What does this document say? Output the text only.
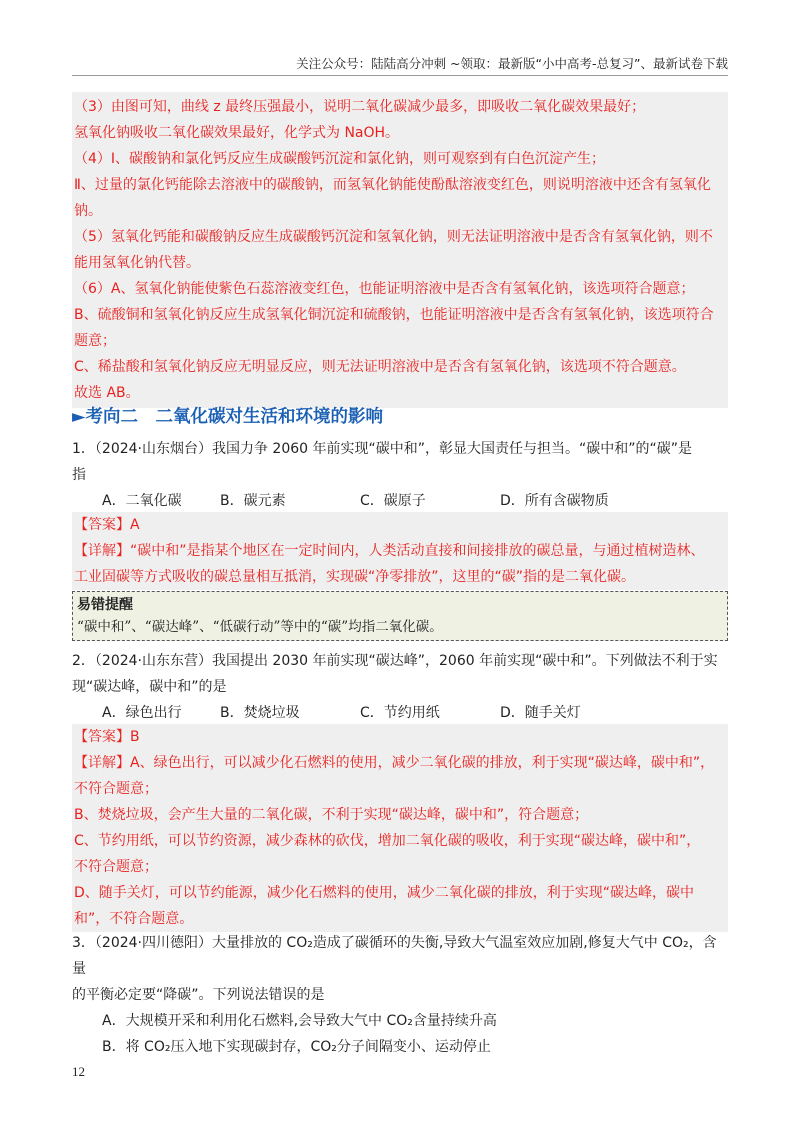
关注公众号：陆陆高分冲刺 ~领取：最新版“小中高考-总复习”、最新试卷下载
（3）由图可知，曲线 z 最终压强最小，说明二氧化碳减少最多，即吸收二氧化碳效果最好；
氢氧化钠吸收二氧化碳效果最好，化学式为 NaOH。
（4）Ⅰ、碳酸钠和氯化钙反应生成碳酸钙沉淀和氯化钠，则可观察到有白色沉淀产生；
Ⅱ、过量的氯化钙能除去溶液中的碳酸钠，而氢氧化钠能使酚酞溶液变红色，则说明溶液中还含有氢氧化
钠。
（5）氢氧化钙能和碳酸钠反应生成碳酸钙沉淀和氢氧化钠，则无法证明溶液中是否含有氢氧化钠，则不
能用氢氧化钠代替。
（6）A、氢氧化钠能使紫色石蕊溶液变红色，也能证明溶液中是否含有氢氧化钠，该选项符合题意；
B、硫酸铜和氢氧化钠反应生成氢氧化铜沉淀和硫酸钠，也能证明溶液中是否含有氢氧化钠，该选项符合
题意；
C、稀盐酸和氢氧化钠反应无明显反应，则无法证明溶液中是否含有氢氧化钠，该选项不符合题意。
故选 AB。
►考向二　二氧化碳对生活和环境的影响
1．（2024·山东烟台）我国力争 2060 年前实现“碳中和”，彰显大国责任与担当。“碳中和”的“碳”是
指
A．二氧化碳	B．碳元素	C．碳原子	D．所有含碳物质
【答案】A
【详解】“碳中和”是指某个地区在一定时间内，人类活动直接和间接排放的碳总量，与通过植树造林、
工业固碳等方式吸收的碳总量相互抵消，实现碳“净零排放”，这里的“碳”指的是二氧化碳。
易错提醒
“碳中和”、“碳达峰”、“低碳行动”等中的“碳”均指二氧化碳。
2．（2024·山东东营）我国提出 2030 年前实现“碳达峰”，2060 年前实现“碳中和”。下列做法不利于实
现“碳达峰，碳中和”的是
A．绿色出行	B．焚烧垃圾	C．节约用纸	D．随手关灯
【答案】B
【详解】A、绿色出行，可以减少化石燃料的使用，减少二氧化碳的排放，利于实现“碳达峰，碳中和”，
不符合题意；
B、焚烧垃圾，会产生大量的二氧化碳，不利于实现“碳达峰，碳中和”，符合题意；
C、节约用纸，可以节约资源，减少森林的砍伐，增加二氧化碳的吸收，利于实现“碳达峰，碳中和”，
不符合题意；
D、随手关灯，可以节约能源，减少化石燃料的使用，减少二氧化碳的排放，利于实现“碳达峰，碳中
和”，不符合题意。
3．（2024·四川德阳）大量排放的 CO₂造成了碳循环的失衡,导致大气温室效应加剧,修复大气中 CO₂，含量
的平衡必定要“降碳”。下列说法错误的是
A．大规模开采和利用化石燃料,会导致大气中 CO₂含量持续升高
B．将 CO₂压入地下实现碳封存，CO₂分子间隔变小、运动停止
12
